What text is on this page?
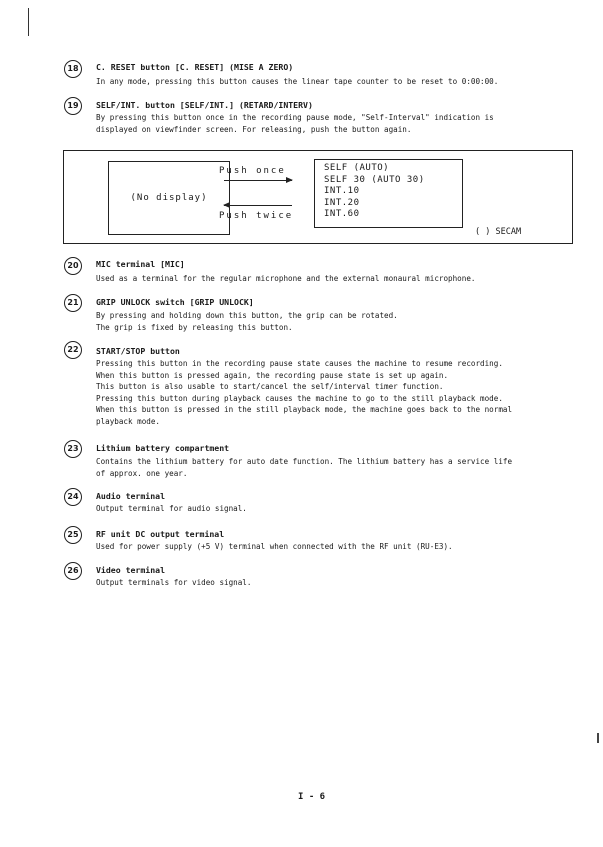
18	C. RESET button [C. RESET] (MISE A ZERO)
In any mode, pressing this button causes the linear tape counter to be reset to 0:00:00.
19	SELF/INT. button [SELF/INT.] (RETARD/INTERV)
By pressing this button once in the recording pause mode, "Self-Interval" indication is
displayed on viewfinder screen. For releasing, push the button again.
(No display)
Push once
Push twice
SELF (AUTO)
SELF 30 (AUTO 30)
INT.10
INT.20
INT.60
( ) SECAM
20	MIC terminal [MIC]
Used as a terminal for the regular microphone and the external monaural microphone.
21	GRIP UNLOCK switch [GRIP UNLOCK]
By pressing and holding down this button, the grip can be rotated.
The grip is fixed by releasing this button.
22	START/STOP button
Pressing this button in the recording pause state causes the machine to resume recording.
When this button is pressed again, the recording pause state is set up again.
This button is also usable to start/cancel the self/interval timer function.
Pressing this button during playback causes the machine to go to the still playback mode.
When this button is pressed in the still playback mode, the machine goes back to the normal
playback mode.
23	Lithium battery compartment
Contains the lithium battery for auto date function. The lithium battery has a service life
of approx. one year.
24	Audio terminal
Output terminal for audio signal.
25	RF unit DC output terminal
Used for power supply (+5 V) terminal when connected with the RF unit (RU-E3).
26	Video terminal
Output terminals for video signal.
I - 6
